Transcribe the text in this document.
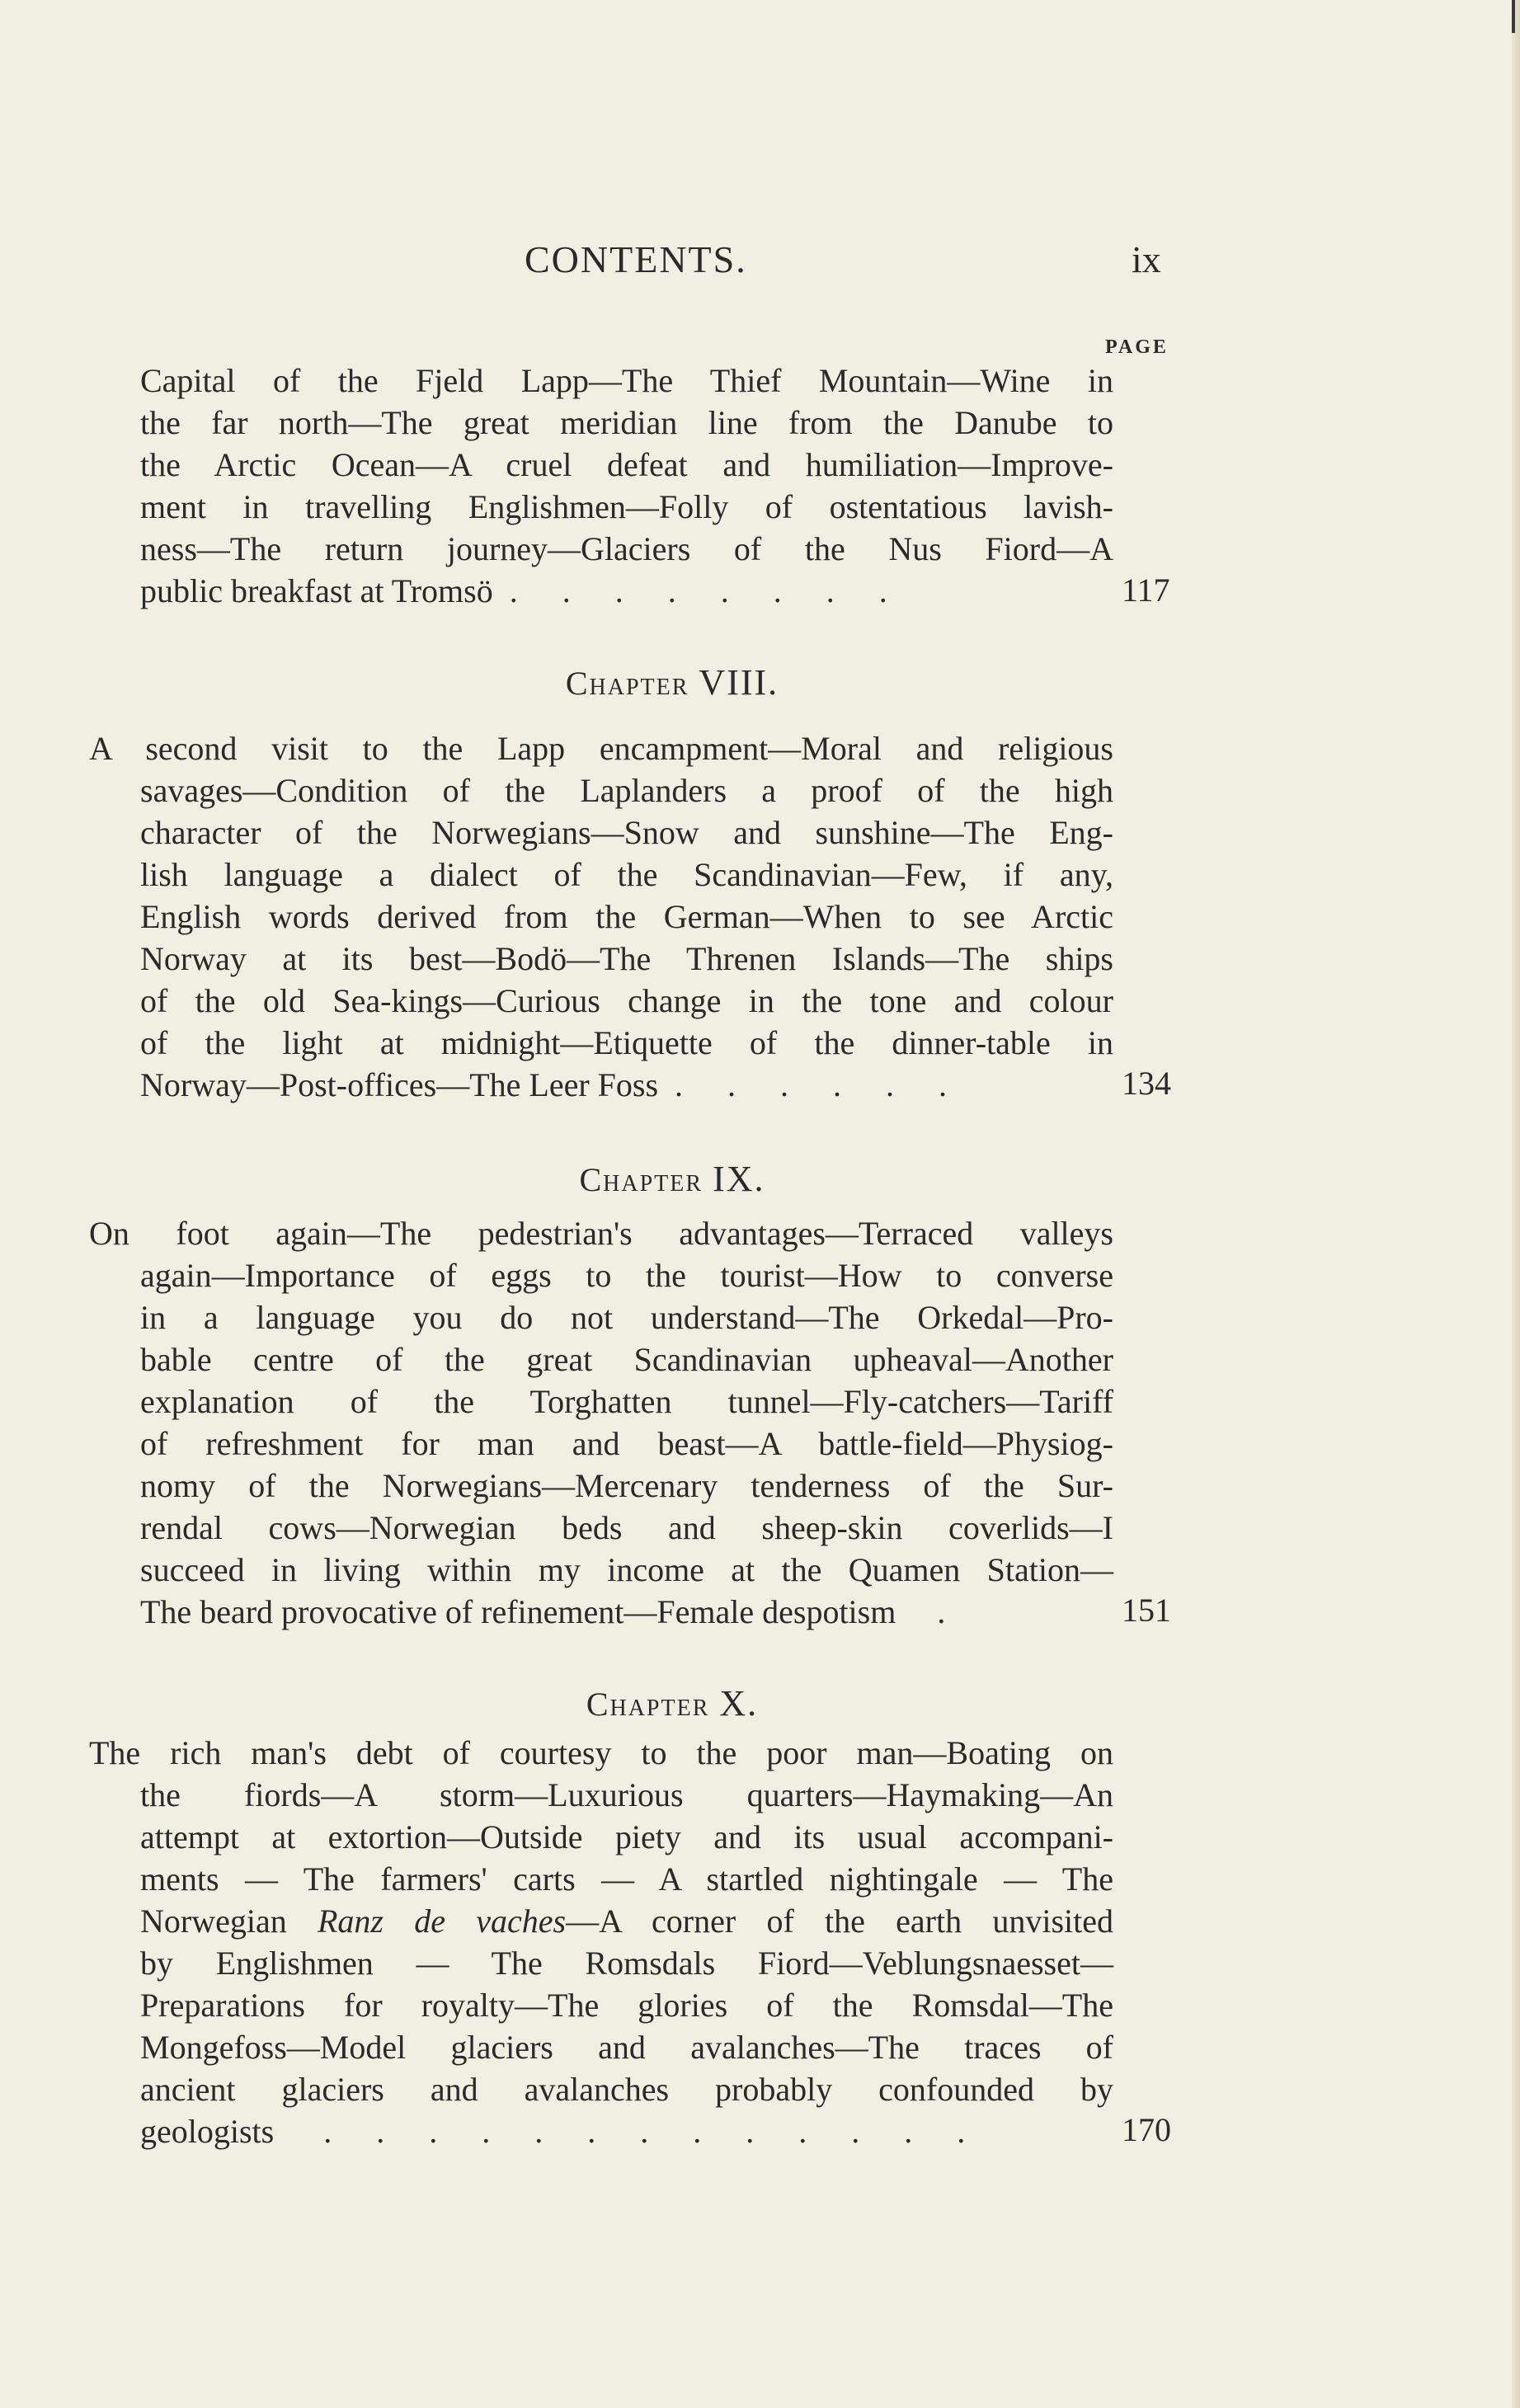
CONTENTS.	ix
PAGE
Capital of the Fjeld Lapp—The Thief Mountain—Wine in
the far north—The great meridian line from the Danube to
the Arctic Ocean—A cruel defeat and humiliation—Improve-
ment in travelling Englishmen—Folly of ostentatious lavish-
ness—The return journey—Glaciers of the Nus Fiord—A
public breakfast at Tromsö . . . . . . . .	117
Chapter VIII.
A second visit to the Lapp encampment—Moral and religious
savages—Condition of the Laplanders a proof of the high
character of the Norwegians—Snow and sunshine—The Eng-
lish language a dialect of the Scandinavian—Few, if any,
English words derived from the German—When to see Arctic
Norway at its best—Bodö—The Threnen Islands—The ships
of the old Sea-kings—Curious change in the tone and colour
of the light at midnight—Etiquette of the dinner-table in
Norway—Post-offices—The Leer Foss . . . . . .	134
Chapter IX.
On foot again—The pedestrian's advantages—Terraced valleys
again—Importance of eggs to the tourist—How to converse
in a language you do not understand—The Orkedal—Pro-
bable centre of the great Scandinavian upheaval—Another
explanation of the Torghatten tunnel—Fly-catchers—Tariff
of refreshment for man and beast—A battle-field—Physiog-
nomy of the Norwegians—Mercenary tenderness of the Sur-
rendal cows—Norwegian beds and sheep-skin coverlids—I
succeed in living within my income at the Quamen Station—
The beard provocative of refinement—Female despotism .	151
Chapter X.
The rich man's debt of courtesy to the poor man—Boating on
the fiords—A storm—Luxurious quarters—Haymaking—An
attempt at extortion—Outside piety and its usual accompani-
ments — The farmers' carts — A startled nightingale — The
Norwegian Ranz de vaches—A corner of the earth unvisited
by Englishmen — The Romsdals Fiord—Veblungsnaesset—
Preparations for royalty—The glories of the Romsdal—The
Mongefoss—Model glaciers and avalanches—The traces of
ancient glaciers and avalanches probably confounded by
geologists . . . . . . . . . . . . .	170
